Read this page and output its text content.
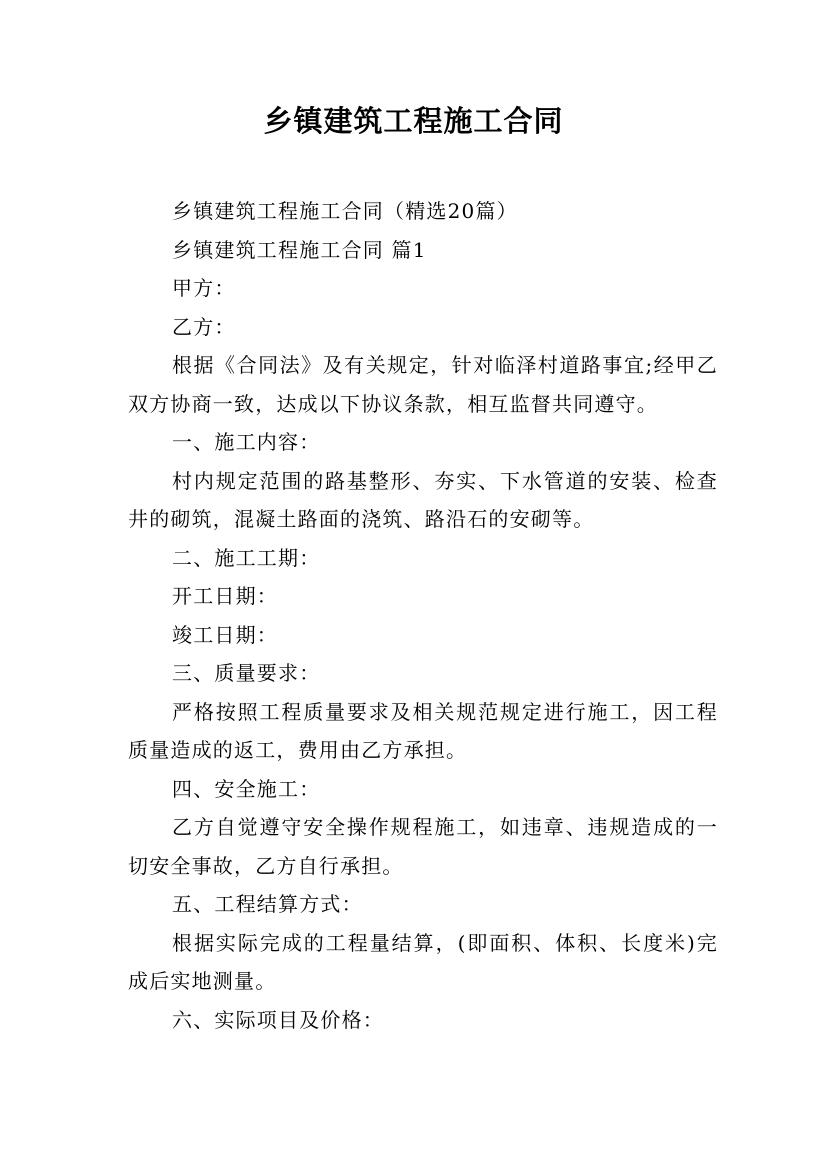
乡镇建筑工程施工合同

乡镇建筑工程施工合同（精选20篇）

乡镇建筑工程施工合同 篇1

甲方：

乙方：

根据《合同法》及有关规定，针对临泽村道路事宜;经甲乙双方协商一致，达成以下协议条款，相互监督共同遵守。

一、施工内容：

村内规定范围的路基整形、夯实、下水管道的安装、检查井的砌筑，混凝土路面的浇筑、路沿石的安砌等。

二、施工工期：

开工日期：

竣工日期：

三、质量要求：

严格按照工程质量要求及相关规范规定进行施工，因工程质量造成的返工，费用由乙方承担。

四、安全施工：

乙方自觉遵守安全操作规程施工，如违章、违规造成的一切安全事故，乙方自行承担。

五、工程结算方式：

根据实际完成的工程量结算，(即面积、体积、长度米)完成后实地测量。

六、实际项目及价格：
